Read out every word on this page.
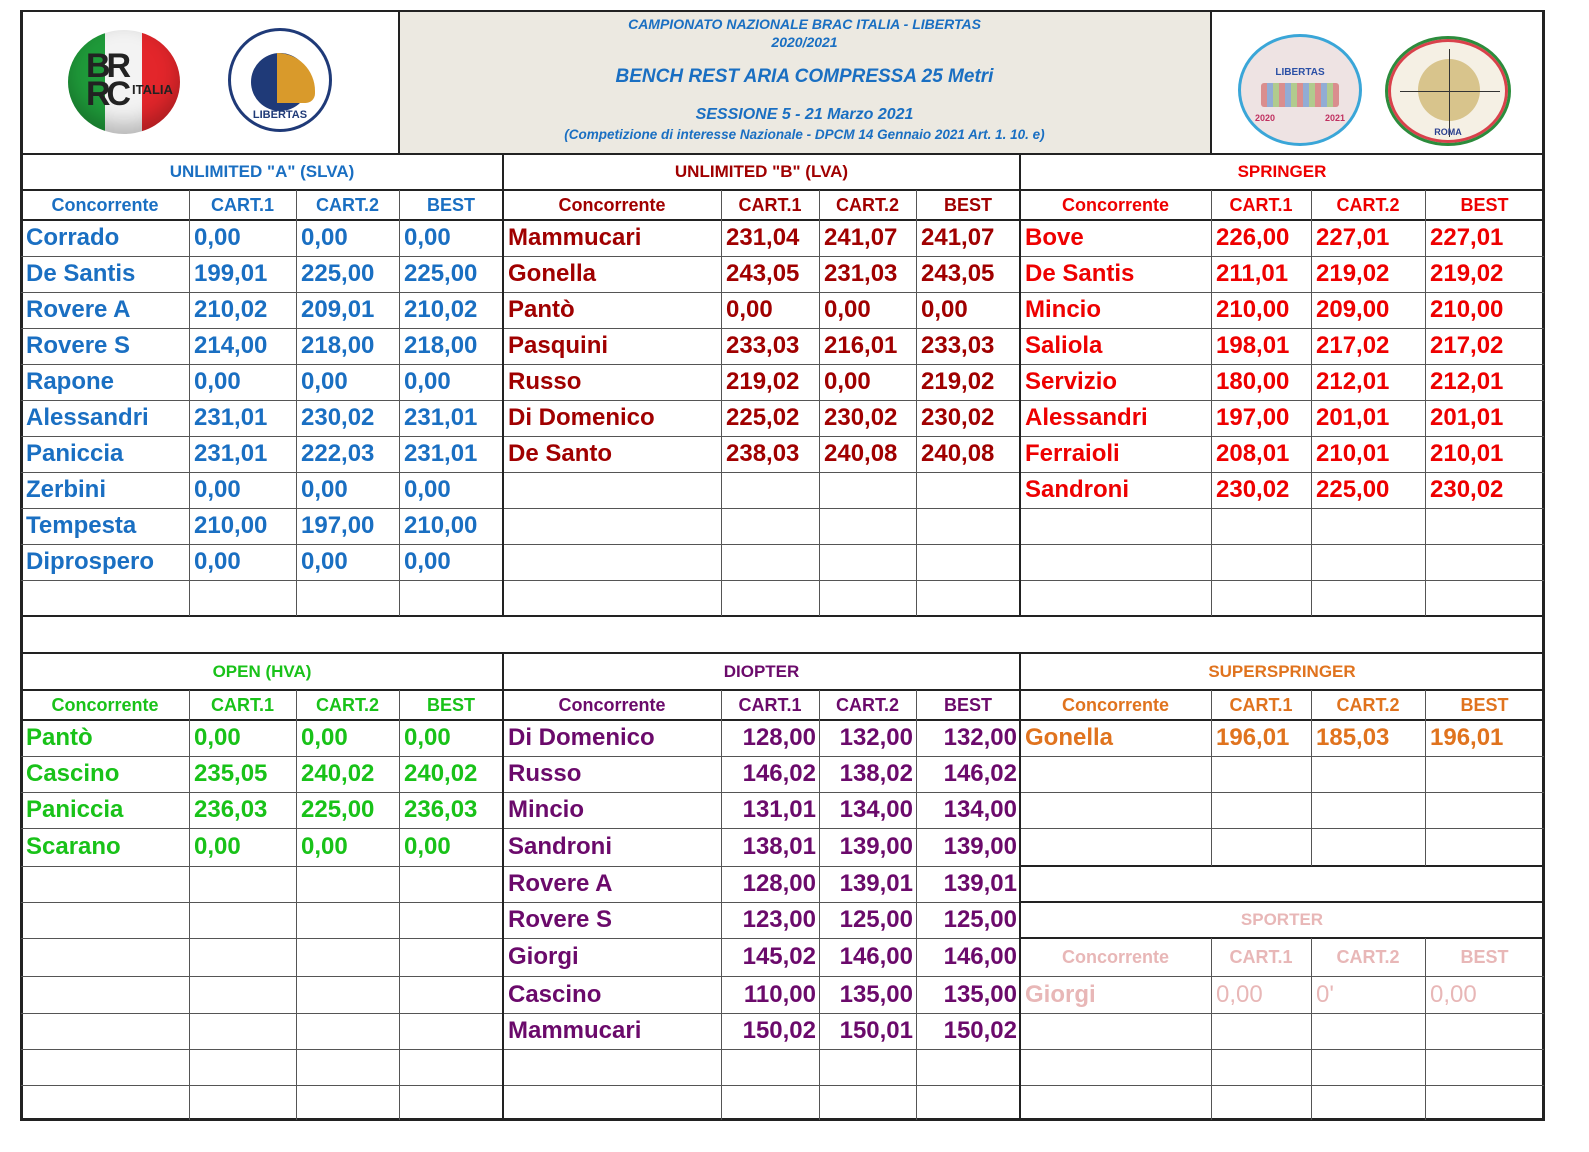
CAMPIONATO NAZIONALE BRAC ITALIA - LIBERTAS
2020/2021
BENCH REST ARIA COMPRESSA 25 Metri
SESSIONE 5 - 21 Marzo 2021
(Competizione di interesse Nazionale - DPCM 14 Gennaio 2021 Art. 1. 10. e)
BR
RC ITALIA
LIBERTAS
LIBERTAS
2020	2021
ROMA
UNLIMITED "A" (SLVA)
Concorrente	CART.1	CART.2	BEST
Corrado	0,00	0,00	0,00
De Santis	199,01	225,00	225,00
Rovere A	210,02	209,01	210,02
Rovere S	214,00	218,00	218,00
Rapone	0,00	0,00	0,00
Alessandri	231,01	230,02	231,01
Paniccia	231,01	222,03	231,01
Zerbini	0,00	0,00	0,00
Tempesta	210,00	197,00	210,00
Diprospero	0,00	0,00	0,00
UNLIMITED "B" (LVA)
Concorrente	CART.1	CART.2	BEST
Mammucari	231,04	241,07 241,07
Gonella	243,05	231,03 243,05
Pantò	0,00	0,00	0,00
Pasquini	233,03	216,01 233,03
Russo	219,02	0,00	219,02
Di Domenico	225,02	230,02 230,02
De Santo	238,03	240,08 240,08
SPRINGER
Concorrente	CART.1	CART.2	BEST
Bove	226,00	227,01	227,01
De Santis	211,01	219,02	219,02
Mincio	210,00	209,00	210,00
Saliola	198,01	217,02	217,02
Servizio	180,00	212,01	212,01
Alessandri	197,00	201,01	201,01
Ferraioli	208,01	210,01	210,01
Sandroni	230,02	225,00	230,02
OPEN (HVA)
Concorrente	CART.1	CART.2	BEST
Pantò	0,00	0,00	0,00
Cascino	235,05	240,02	240,02
Paniccia	236,03	225,00	236,03
Scarano	0,00	0,00	0,00
DIOPTER
Concorrente	CART.1	CART.2	BEST
Di Domenico	128,00 132,00	132,00
Russo	146,02 138,02	146,02
Mincio	131,01 134,00	134,00
Sandroni	138,01 139,00	139,00
Rovere A	128,00 139,01	139,01
Rovere S	123,00 125,00	125,00
Giorgi	145,02 146,00	146,00
Cascino	110,00 135,00	135,00
Mammucari	150,02 150,01	150,02
SUPERSPRINGER
Concorrente	CART.1	CART.2	BEST
Gonella	196,01	185,03	196,01
SPORTER
Concorrente	CART.1	CART.2	BEST
Giorgi	0,00	0'	0,00
